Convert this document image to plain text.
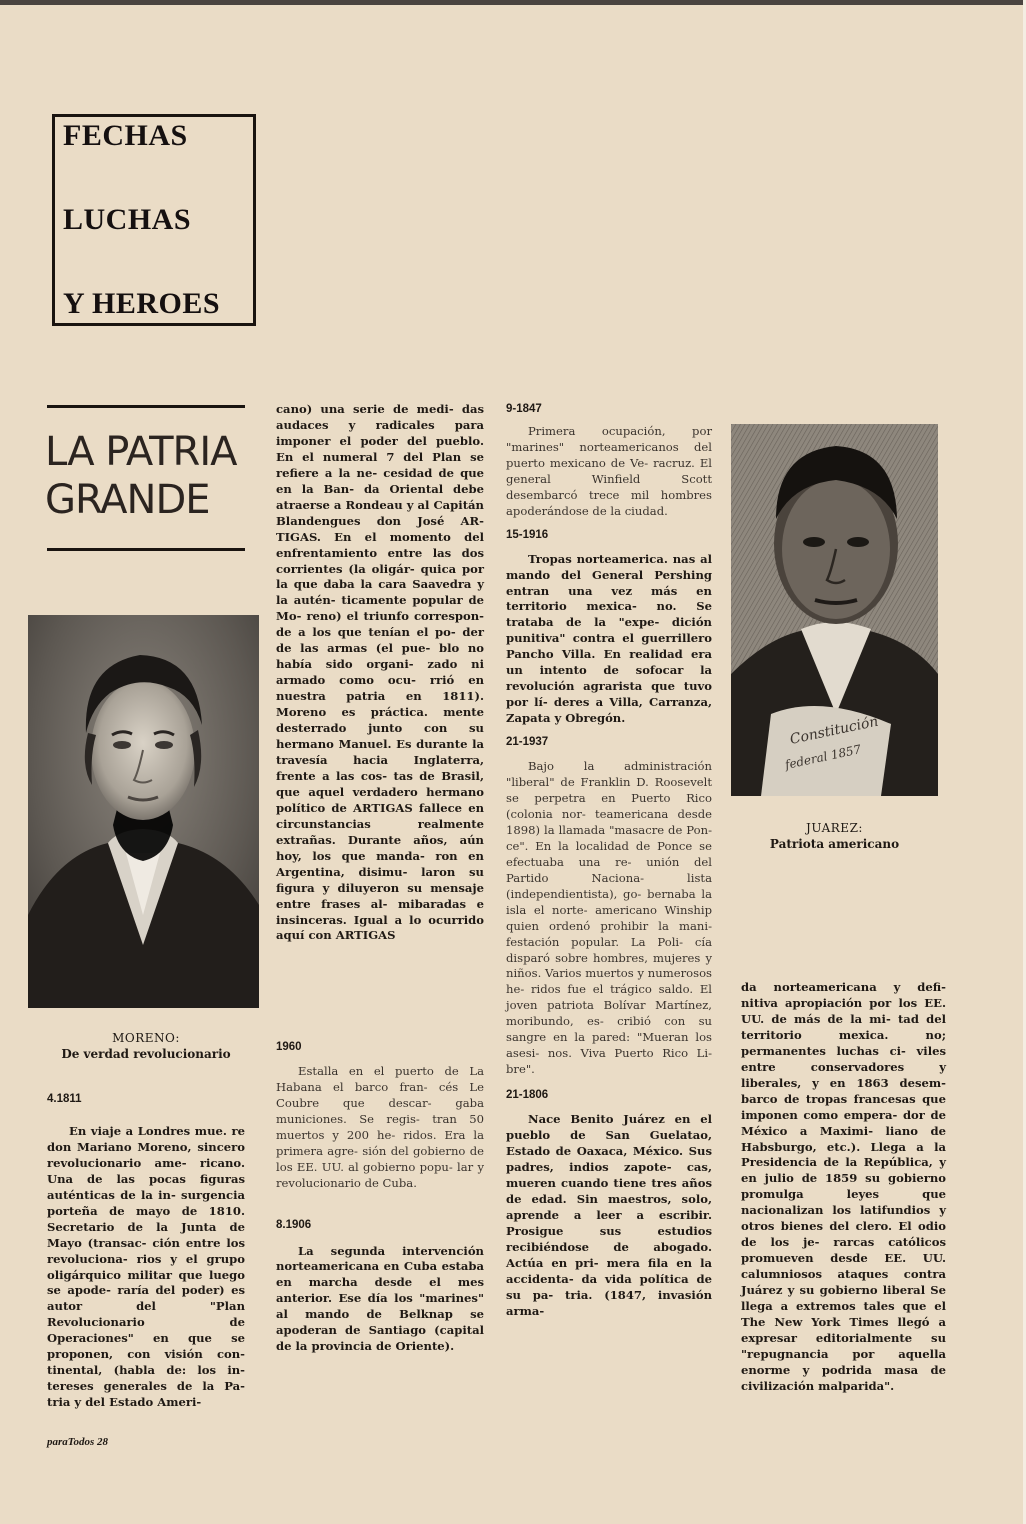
FECHAS
LUCHAS
Y HEROES
LA PATRIA
GRANDE
MORENO:
De verdad revolucionario

4.1811

En viaje a Londres mue. re don Mariano Moreno, sincero revolucionario ame- ricano. Una de las pocas figuras auténticas de la in- surgencia porteña de mayo de 1810. Secretario de la Junta de Mayo (transac- ción entre los revoluciona- rios y el grupo oligárquico militar que luego se apode- raría del poder) es autor del "Plan Revolucionario de Operaciones" en que se proponen, con visión con- tinental, (habla de: los in- tereses generales de la Pa- tria y del Estado Ameri-

cano) una serie de medi- das audaces y radicales para imponer el poder del pueblo. En el numeral 7 del Plan se refiere a la ne- cesidad de que en la Ban- da Oriental debe atraerse a Rondeau y al Capitán Blandengues don José AR- TIGAS. En el momento del enfrentamiento entre las dos corrientes (la oligár- quica por la que daba la cara Saavedra y la autén- ticamente popular de Mo- reno) el triunfo correspon- de a los que tenían el po- der de las armas (el pue- blo no había sido organi- zado ni armado como ocu- rrió en nuestra patria en 1811). Moreno es práctica. mente desterrado junto con su hermano Manuel. Es durante la travesía hacia Inglaterra, frente a las cos- tas de Brasil, que aquel verdadero hermano político de ARTIGAS fallece en circunstancias realmente extrañas. Durante años, aún hoy, los que manda- ron en Argentina, disimu- laron su figura y diluyeron su mensaje entre frases al- mibaradas e insinceras. Igual a lo ocurrido aquí con ARTIGAS

1960

Estalla en el puerto de La Habana el barco fran- cés Le Coubre que descar- gaba municiones. Se regis- tran 50 muertos y 200 he- ridos. Era la primera agre- sión del gobierno de los EE. UU. al gobierno popu- lar y revolucionario de Cuba.

8.1906

La segunda intervención norteamericana en Cuba estaba en marcha desde el mes anterior. Ese día los "marines" al mando de Belknap se apoderan de Santiago (capital de la provincia de Oriente).

9-1847

Primera ocupación, por "marines" norteamericanos del puerto mexicano de Ve- racruz. El general Winfield Scott desembarcó trece mil hombres apoderándose de la ciudad.

15-1916

Tropas norteamerica. nas al mando del General Pershing entran una vez más en territorio mexica- no. Se trataba de la "expe- dición punitiva" contra el guerrillero Pancho Villa. En realidad era un intento de sofocar la revolución agrarista que tuvo por lí- deres a Villa, Carranza, Zapata y Obregón.

21-1937

Bajo la administración "liberal" de Franklin D. Roosevelt se perpetra en Puerto Rico (colonia nor- teamericana desde 1898) la llamada "masacre de Pon- ce". En la localidad de Ponce se efectuaba una re- unión del Partido Naciona- lista (independientista), go- bernaba la isla el norte- americano Winship quien ordenó prohibir la mani- festación popular. La Poli- cía disparó sobre hombres, mujeres y niños. Varios muertos y numerosos he- ridos fue el trágico saldo. El joven patriota Bolívar Martínez, moribundo, es- cribió con su sangre en la pared: "Mueran los asesi- nos. Viva Puerto Rico Li- bre".

21-1806

Nace Benito Juárez en el pueblo de San Guelatao, Estado de Oaxaca, México. Sus padres, indios zapote- cas, mueren cuando tiene tres años de edad. Sin maestros, solo, aprende a leer a escribir. Prosigue sus estudios recibiéndose de abogado. Actúa en pri- mera fila en la accidenta- da vida política de su pa- tria. (1847, invasión arma-

Constitución
federal 1857
JUAREZ:
Patriota americano

da norteamericana y defi- nitiva apropiación por los EE. UU. de más de la mi- tad del territorio mexica. no; permanentes luchas ci- viles entre conservadores y liberales, y en 1863 desem- barco de tropas francesas que imponen como empera- dor de México a Maximi- liano de Habsburgo, etc.). Llega a la Presidencia de la República, y en julio de 1859 su gobierno promulga leyes que nacionalizan los latifundios y otros bienes del clero. El odio de los je- rarcas católicos promueven desde EE. UU. calumniosos ataques contra Juárez y su gobierno liberal Se llega a extremos tales que el The New York Times llegó a expresar editorialmente su "repugnancia por aquella enorme y podrida masa de civilización malparida".

paraTodos 28
